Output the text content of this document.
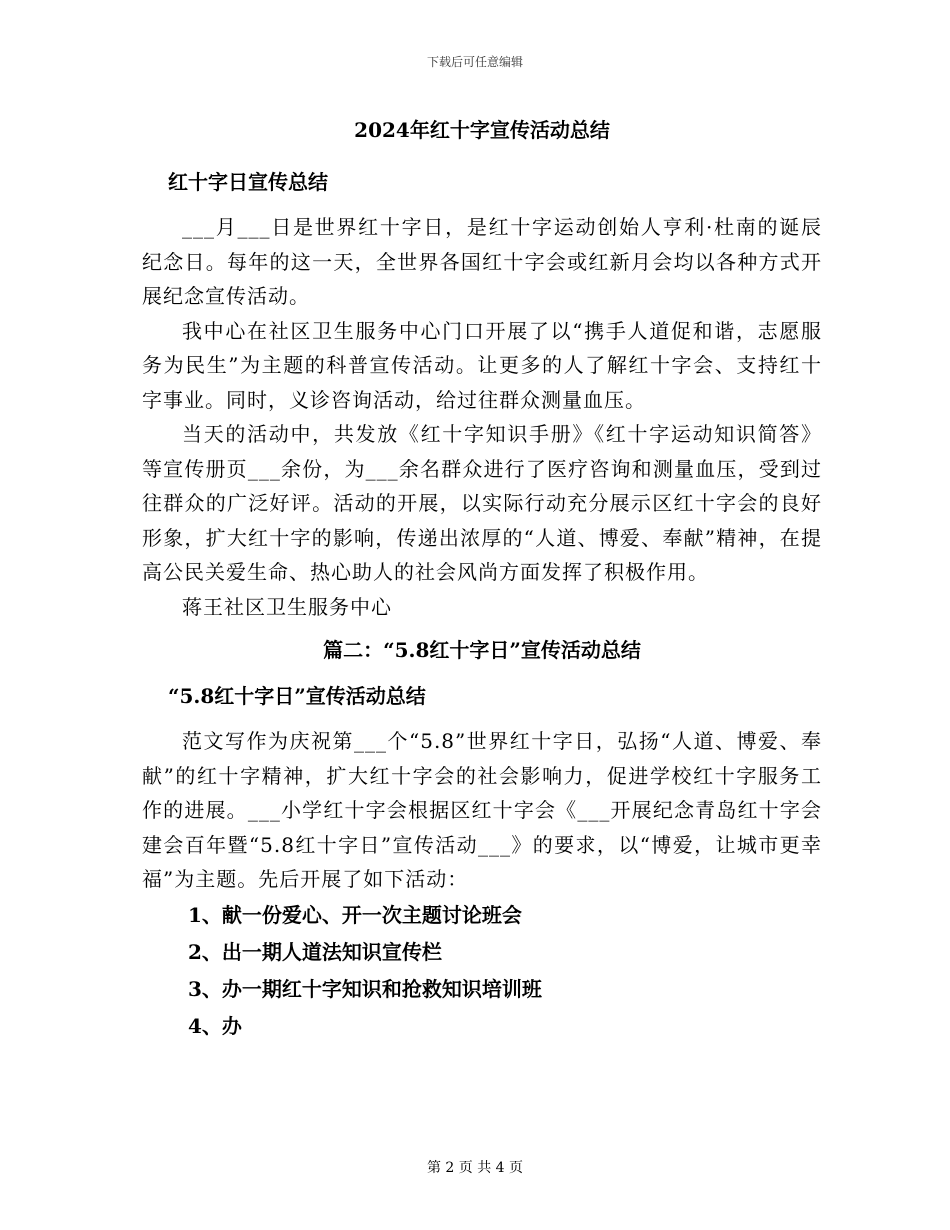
下载后可任意编辑
2024年红十字宣传活动总结
红十字日宣传总结

___月___日是世界红十字日，是红十字运动创始人亨利·杜南的诞辰纪念日。每年的这一天，全世界各国红十字会或红新月会均以各种方式开展纪念宣传活动。

我中心在社区卫生服务中心门口开展了以“携手人道促和谐，志愿服务为民生”为主题的科普宣传活动。让更多的人了解红十字会、支持红十字事业。同时，义诊咨询活动，给过往群众测量血压。

当天的活动中，共发放《红十字知识手册》《红十字运动知识简答》等宣传册页___余份，为___余名群众进行了医疗咨询和测量血压，受到过往群众的广泛好评。活动的开展，以实际行动充分展示区红十字会的良好形象，扩大红十字的影响，传递出浓厚的“人道、博爱、奉献”精神，在提高公民关爱生命、热心助人的社会风尚方面发挥了积极作用。

蒋王社区卫生服务中心

篇二：“5.8红十字日”宣传活动总结
“5.8红十字日”宣传活动总结

范文写作为庆祝第___个“5.8”世界红十字日，弘扬“人道、博爱、奉献”的红十字精神，扩大红十字会的社会影响力，促进学校红十字服务工作的进展。___小学红十字会根据区红十字会《___开展纪念青岛红十字会建会百年暨“5.8红十字日”宣传活动___》的要求，以“博爱，让城市更幸福”为主题。先后开展了如下活动：

1、献一份爱心、开一次主题讨论班会

2、出一期人道法知识宣传栏

3、办一期红十字知识和抢救知识培训班

4、办

第 2 页 共 4 页
